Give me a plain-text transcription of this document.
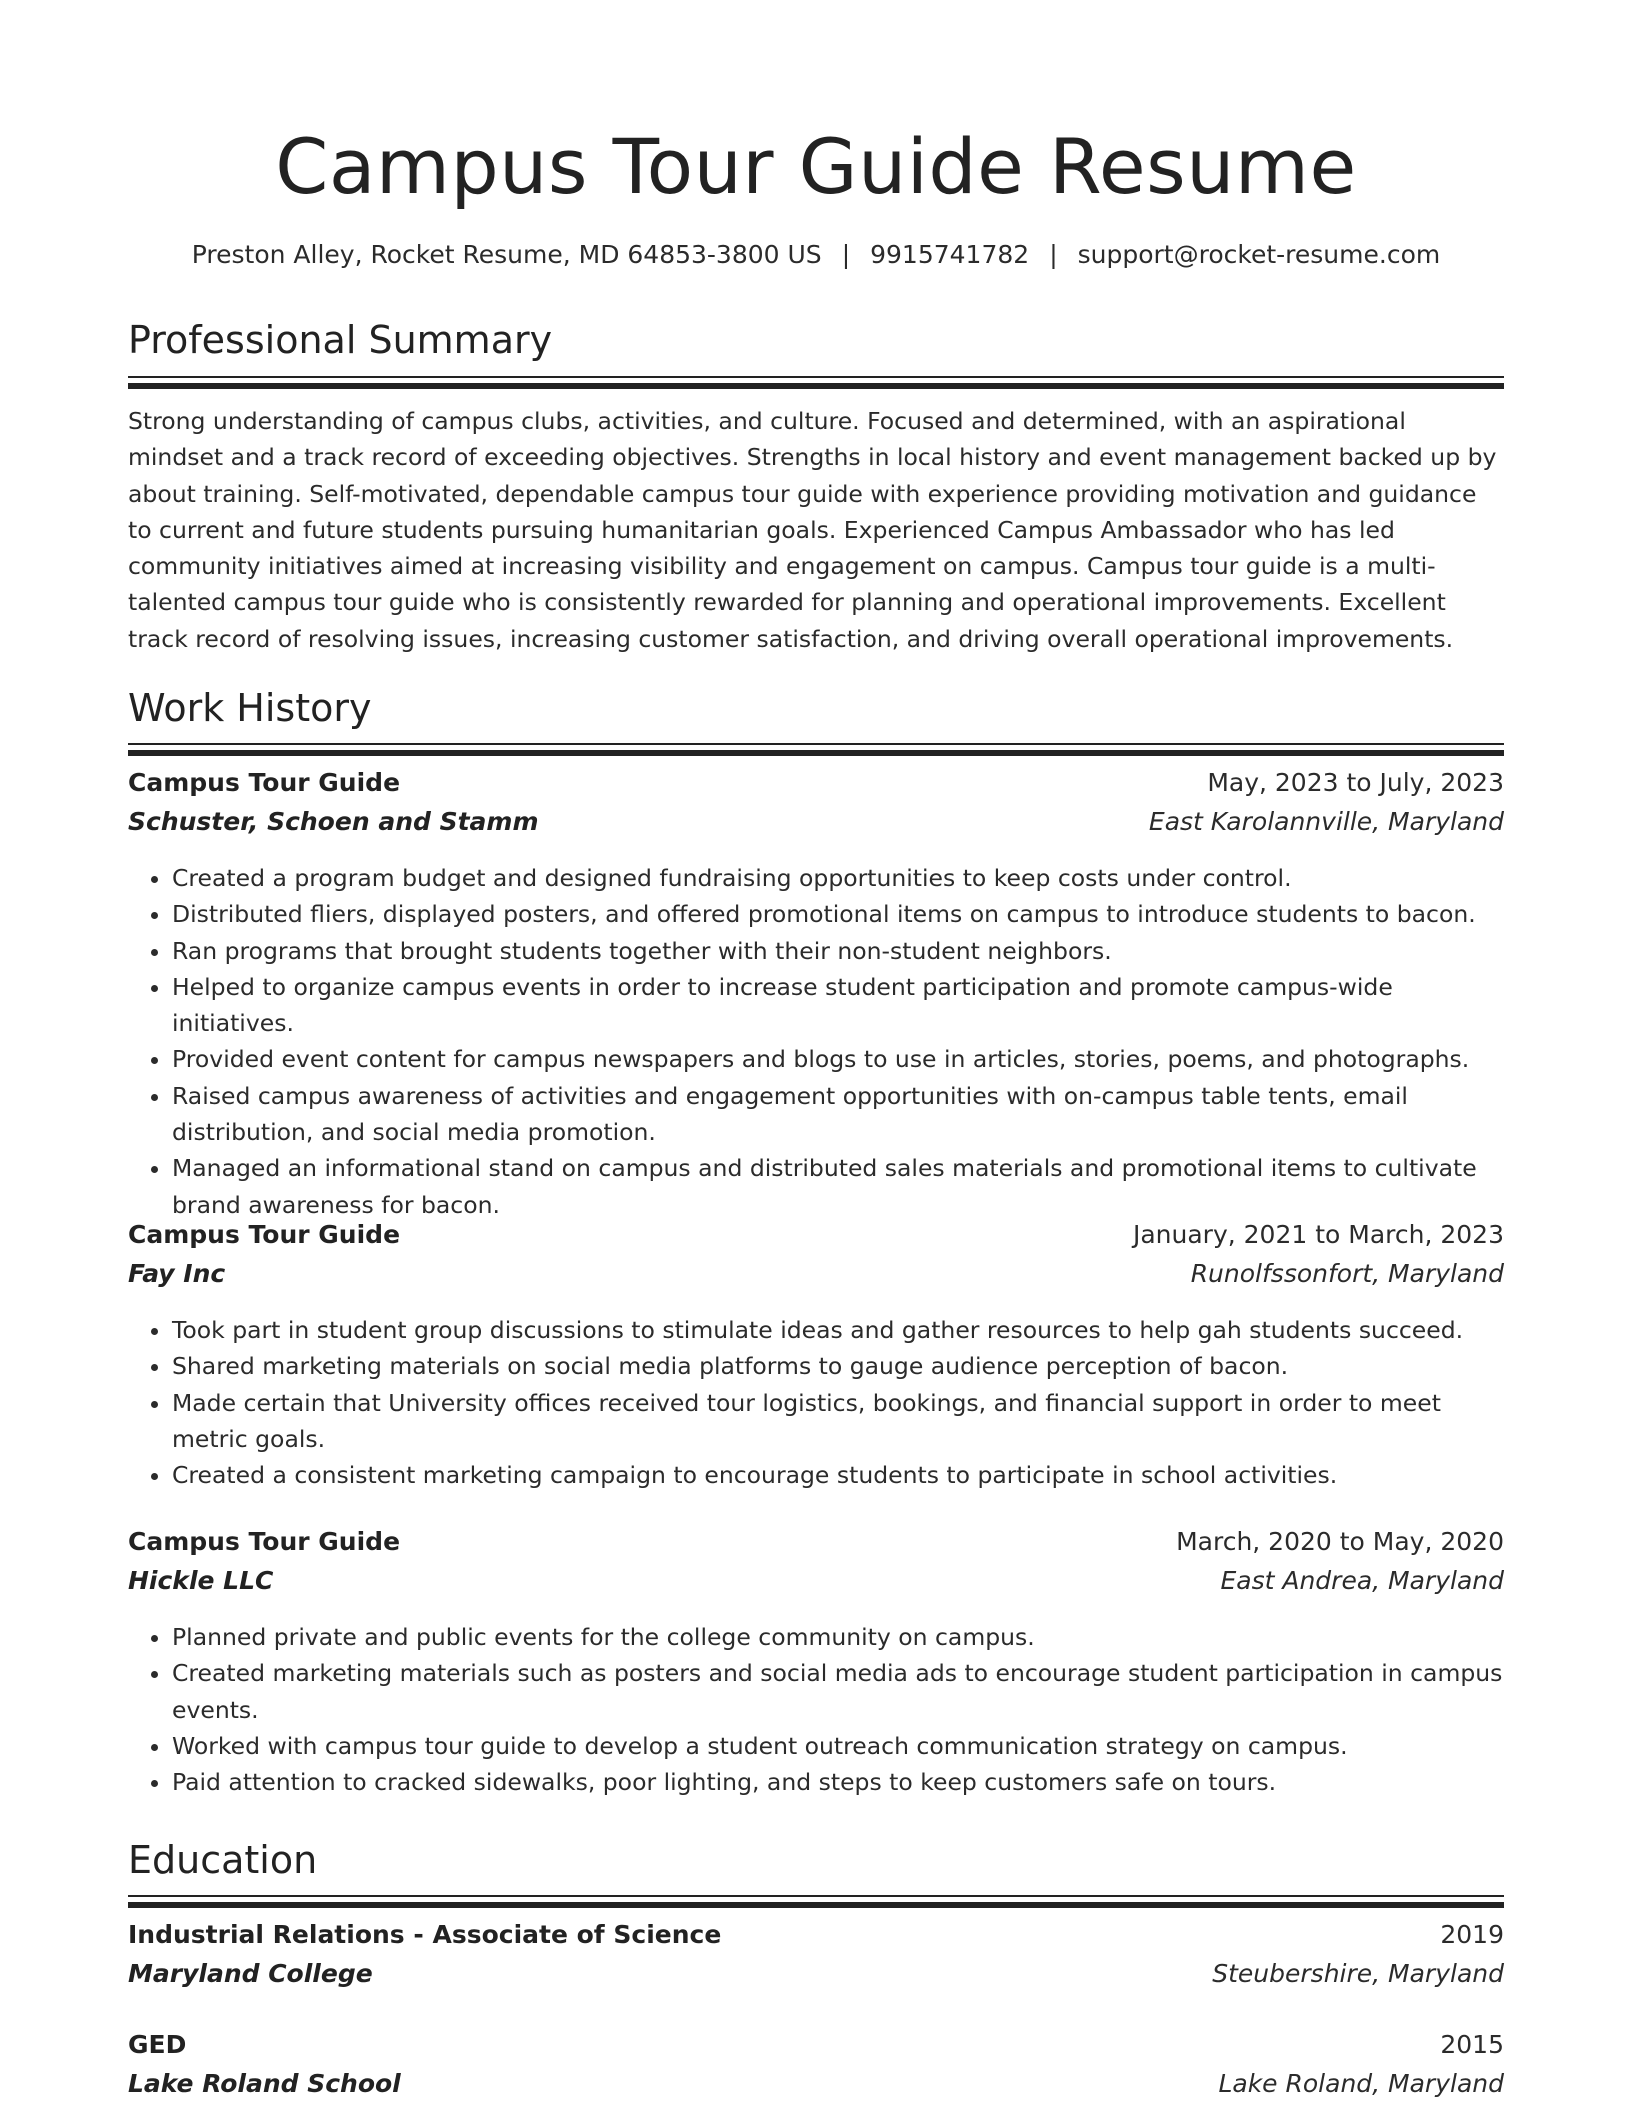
Campus Tour Guide Resume
Preston Alley, Rocket Resume, MD 64853-3800 US | 9915741782 | support@rocket-resume.com
Professional Summary
Strong understanding of campus clubs, activities, and culture. Focused and determined, with an aspirational mindset and a track record of exceeding objectives. Strengths in local history and event management backed up by about training. Self-motivated, dependable campus tour guide with experience providing motivation and guidance to current and future students pursuing humanitarian goals. Experienced Campus Ambassador who has led community initiatives aimed at increasing visibility and engagement on campus. Campus tour guide is a multi-talented campus tour guide who is consistently rewarded for planning and operational improvements. Excellent track record of resolving issues, increasing customer satisfaction, and driving overall operational improvements.
Work History
Campus Tour Guide	May, 2023 to July, 2023
Schuster, Schoen and Stamm	East Karolannville, Maryland
• Created a program budget and designed fundraising opportunities to keep costs under control.
• Distributed fliers, displayed posters, and offered promotional items on campus to introduce students to bacon.
• Ran programs that brought students together with their non-student neighbors.
• Helped to organize campus events in order to increase student participation and promote campus-wide initiatives.
• Provided event content for campus newspapers and blogs to use in articles, stories, poems, and photographs.
• Raised campus awareness of activities and engagement opportunities with on-campus table tents, email distribution, and social media promotion.
• Managed an informational stand on campus and distributed sales materials and promotional items to cultivate brand awareness for bacon.
Campus Tour Guide	January, 2021 to March, 2023
Fay Inc	Runolfssonfort, Maryland
• Took part in student group discussions to stimulate ideas and gather resources to help gah students succeed.
• Shared marketing materials on social media platforms to gauge audience perception of bacon.
• Made certain that University offices received tour logistics, bookings, and financial support in order to meet metric goals.
• Created a consistent marketing campaign to encourage students to participate in school activities.
Campus Tour Guide	March, 2020 to May, 2020
Hickle LLC	East Andrea, Maryland
• Planned private and public events for the college community on campus.
• Created marketing materials such as posters and social media ads to encourage student participation in campus events.
• Worked with campus tour guide to develop a student outreach communication strategy on campus.
• Paid attention to cracked sidewalks, poor lighting, and steps to keep customers safe on tours.
Education
Industrial Relations - Associate of Science	2019
Maryland College	Steubershire, Maryland
GED	2015
Lake Roland School	Lake Roland, Maryland
